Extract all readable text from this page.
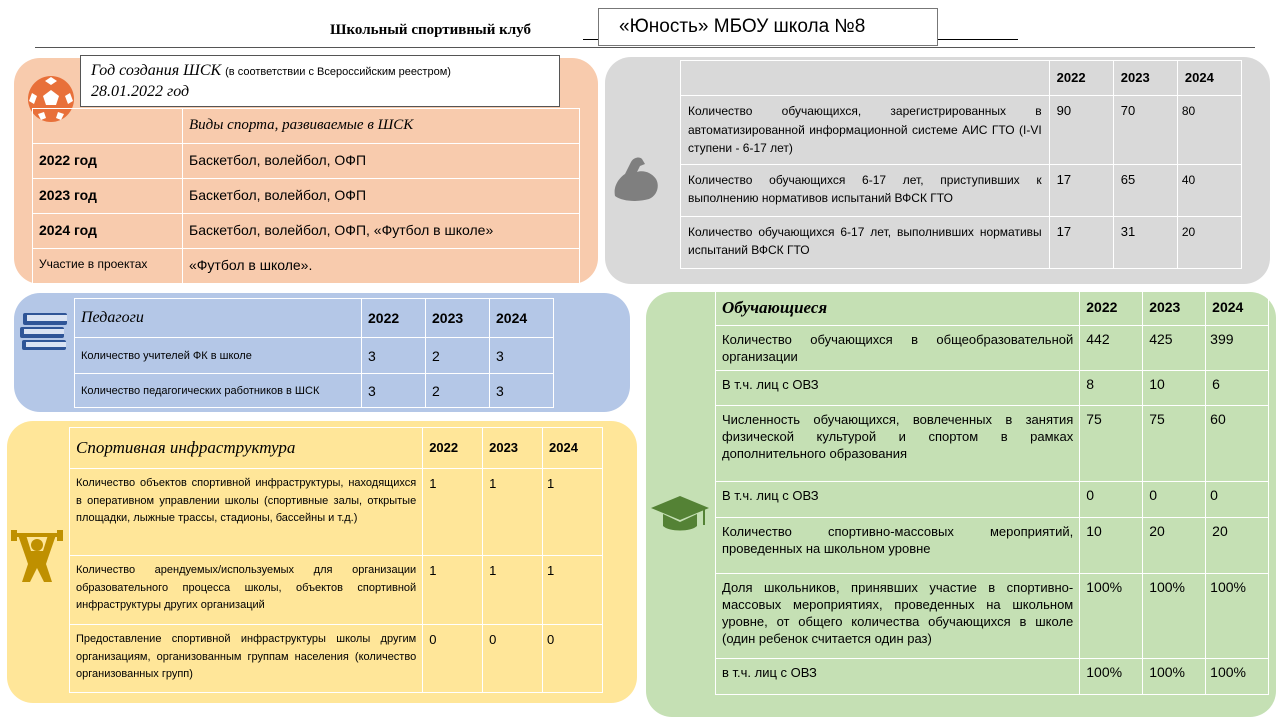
Школьный спортивный клуб	«Юность» МБОУ школа №8
Год создания ШСК (в соответствии с Всероссийским реестром)
28.01.2022 год
	Виды спорта, развиваемые в ШСК
2022 год	Баскетбол, волейбол, ОФП
2023 год	Баскетбол, волейбол, ОФП
2024 год	Баскетбол, волейбол, ОФП, «Футбол в школе»
Участие в проектах	«Футбол в школе».
	2022	2023	2024
Количество обучающихся, зарегистрированных в автоматизированной информационной системе АИС ГТО (I-VI ступени - 6-17 лет)	90	70	80
Количество обучающихся 6-17 лет, приступивших к выполнению нормативов испытаний ВФСК ГТО	17	65	40
Количество обучающихся 6-17 лет, выполнивших нормативы испытаний ВФСК ГТО	17	31	20
Педагоги	2022	2023	2024
Количество учителей ФК в школе	3	2	3
Количество педагогических работников в ШСК	3	2	3
Спортивная инфраструктура	2022	2023	2024
Количество объектов спортивной инфраструктуры, находящихся в оперативном управлении школы (спортивные залы, открытые площадки, лыжные трассы, стадионы, бассейны и т.д.)	1	1	1
Количество арендуемых/используемых для организации образовательного процесса школы, объектов спортивной инфраструктуры других организаций	1	1	1
Предоставление спортивной инфраструктуры школы другим организациям, организованным группам населения (количество организованных групп)	0	0	0
Обучающиеся	2022	2023	2024
Количество обучающихся в общеобразовательной организации	442	425	399
В т.ч. лиц с ОВЗ	8	10	6
Численность обучающихся, вовлеченных в занятия физической культурой и спортом в рамках дополнительного образования	75	75	60
В т.ч. лиц с ОВЗ	0	0	0
Количество спортивно-массовых мероприятий, проведенных на школьном уровне	10	20	20
Доля школьников, принявших участие в спортивно-массовых мероприятиях, проведенных на школьном уровне, от общего количества обучающихся в школе (один ребенок считается один раз)	100%	100%	100%
в т.ч. лиц с ОВЗ	100%	100%	100%
